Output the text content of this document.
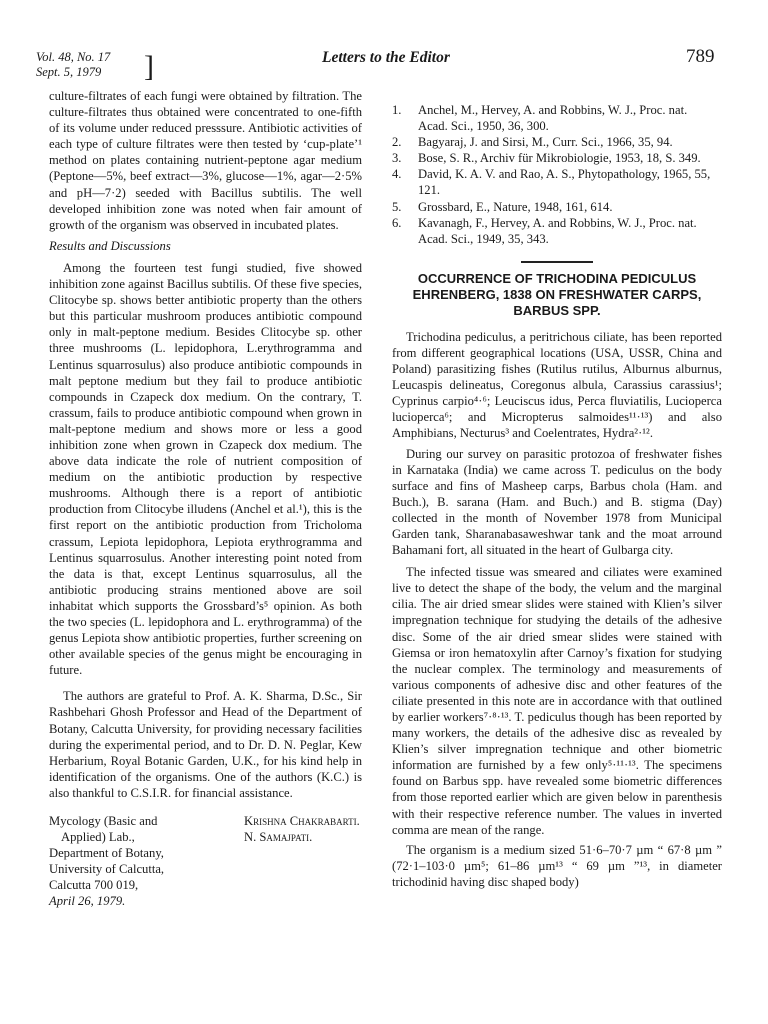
Vol. 48, No. 17
Sept. 5, 1979	]	Letters to the Editor	789

culture-filtrates of each fungi were obtained by filtration. The culture-filtrates thus obtained were concentrated to one-fifth of its volume under reduced presssure. Antibiotic activities of each type of culture filtrates were then tested by ‘cup-plate’¹ method on plates containing nutrient-peptone agar medium (Peptone—5%, beef extract—3%, glucose—1%, agar—2·5% and pH—7·2) seeded with Bacillus subtilis. The well developed inhibition zone was noted when fair amount of growth of the organism was observed in incubated plates.

Results and Discussions

Among the fourteen test fungi studied, five showed inhibition zone against Bacillus subtilis. Of these five species, Clitocybe sp. shows better antibiotic property than the others but this particular mushroom produces antibiotic compound only in malt-peptone medium. Besides Clitocybe sp. other three mushrooms (L. lepidophora, L.erythrogramma and Lentinus squarrosulus) also produce antibiotic compounds in malt peptone medium but they fail to produce antibiotic compounds in Czapeck dox medium. On the contrary, T. crassum, fails to produce antibiotic compound when grown in malt-peptone medium and shows more or less a good inhibition zone when grown in Czapeck dox medium. The above data indicate the role of nutrient composition of medium on the antibiotic production by respective mushrooms. Although there is a report of antibiotic production from Clitocybe illudens (Anchel et al.¹), this is the first report on the antibiotic production from Tricholoma crassum, Lepiota lepidophora, Lepiota erythrogramma and Lentinus squarrosulus. Another interesting point noted from the data is that, except Lentinus squarrosulus, all the antibiotic producing strains mentioned above are soil inhabitat which supports the Grossbard’s⁵ opinion. As both the two species (L. lepidophora and L. erythrogramma) of the genus Lepiota show antibiotic properties, further screening on other available species of the genus might be encouraging in future.

The authors are grateful to Prof. A. K. Sharma, D.Sc., Sir Rashbehari Ghosh Professor and Head of the Department of Botany, Calcutta University, for providing necessary facilities during the experimental period, and to Dr. D. N. Peglar, Kew Herbarium, Royal Botanic Garden, U.K., for his kind help in identification of the organisms. One of the authors (K.C.) is also thankful to C.S.I.R. for financial assistance.

Mycology (Basic and
Applied) Lab.,
Department of Botany,
University of Calcutta,
Calcutta 700 019,
April 26, 1979.
Krishna Chakrabarti.
N. Samajpati.
1. Anchel, M., Hervey, A. and Robbins, W. J., Proc. nat. Acad. Sci., 1950, 36, 300.
2. Bagyaraj, J. and Sirsi, M., Curr. Sci., 1966, 35, 94.
3. Bose, S. R., Archiv für Mikrobiologie, 1953, 18, S. 349.
4. David, K. A. V. and Rao, A. S., Phytopathology, 1965, 55, 121.
5. Grossbard, E., Nature, 1948, 161, 614.
6. Kavanagh, F., Hervey, A. and Robbins, W. J., Proc. nat. Acad. Sci., 1949, 35, 343.
OCCURRENCE OF TRICHODINA PEDICULUS EHRENBERG, 1838 ON FRESHWATER CARPS, BARBUS SPP.

Trichodina pediculus, a peritrichous ciliate, has been reported from different geographical locations (USA, USSR, China and Poland) parasitizing fishes (Rutilus rutilus, Alburnus alburnus, Leucaspis delineatus, Coregonus albula, Carassius carassius¹; Cyprinus carpio⁴·⁶; Leuciscus idus, Perca fluviatilis, Lucioperca lucioperca⁶; and Micropterus salmoides¹¹·¹³) and also Amphibians, Necturus³ and Coelentrates, Hydra²·¹².

During our survey on parasitic protozoa of freshwater fishes in Karnataka (India) we came across T. pediculus on the body surface and fins of Masheep carps, Barbus chola (Ham. and Buch.), B. sarana (Ham. and Buch.) and B. stigma (Day) collected in the month of November 1978 from Municipal Garden tank, Sharanabasaweshwar tank and the moat arround Bahamani fort, all situated in the heart of Gulbarga city.

The infected tissue was smeared and ciliates were examined live to detect the shape of the body, the velum and the marginal cilia. The air dried smear slides were stained with Klien’s silver impregnation technique for studying the details of the adhesive disc. Some of the air dried smear slides were stained with Giemsa or iron hematoxylin after Carnoy’s fixation for studying the nuclear complex. The terminology and measurements of various components of adhesive disc and other features of the ciliate presented in this note are in accordance with that outlined by earlier workers⁷·⁸·¹³. T. pediculus though has been reported by many workers, the details of the adhesive disc as revealed by Klien’s silver impregnation technique and other biometric information are furnished by a few only⁵·¹¹·¹³. The specimens found on Barbus spp. have revealed some biometric differences from those reported earlier which are given below in parenthesis with their respective reference number. The values in inverted comma are mean of the range.

The organism is a medium sized 51·6–70·7 µm “ 67·8 µm ” (72·1–103·0 µm⁵; 61–86 µm¹³ “ 69 µm ”¹³, in diameter trichodinid having disc shaped body)
